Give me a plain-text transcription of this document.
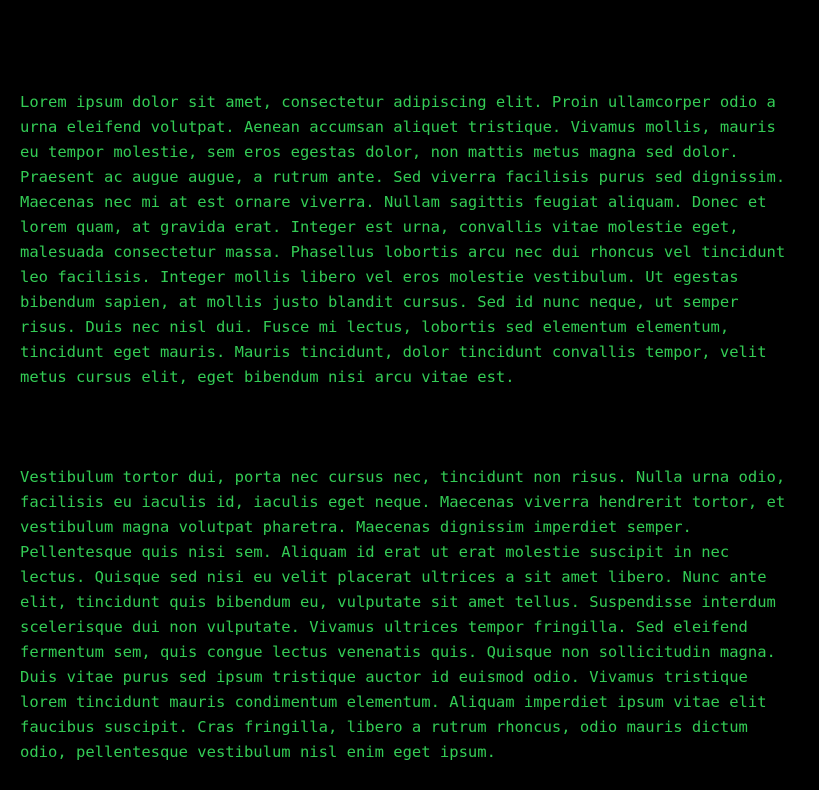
Lorem ipsum dolor sit amet, consectetur adipiscing elit. Proin ullamcorper odio a urna eleifend volutpat. Aenean accumsan aliquet tristique. Vivamus mollis, mauris eu tempor molestie, sem eros egestas dolor, non mattis metus magna sed dolor. Praesent ac augue augue, a rutrum ante. Sed viverra facilisis purus sed dignissim. Maecenas nec mi at est ornare viverra. Nullam sagittis feugiat aliquam. Donec et lorem quam, at gravida erat. Integer est urna, convallis vitae molestie eget, malesuada consectetur massa. Phasellus lobortis arcu nec dui rhoncus vel tincidunt leo facilisis. Integer mollis libero vel eros molestie vestibulum. Ut egestas bibendum sapien, at mollis justo blandit cursus. Sed id nunc neque, ut semper risus. Duis nec nisl dui. Fusce mi lectus, lobortis sed elementum elementum, tincidunt eget mauris. Mauris tincidunt, dolor tincidunt convallis tempor, velit metus cursus elit, eget bibendum nisi arcu vitae est.

Vestibulum tortor dui, porta nec cursus nec, tincidunt non risus. Nulla urna odio, facilisis eu iaculis id, iaculis eget neque. Maecenas viverra hendrerit tortor, et vestibulum magna volutpat pharetra. Maecenas dignissim imperdiet semper. Pellentesque quis nisi sem. Aliquam id erat ut erat molestie suscipit in nec lectus. Quisque sed nisi eu velit placerat ultrices a sit amet libero. Nunc ante elit, tincidunt quis bibendum eu, vulputate sit amet tellus. Suspendisse interdum scelerisque dui non vulputate. Vivamus ultrices tempor fringilla. Sed eleifend fermentum sem, quis congue lectus venenatis quis. Quisque non sollicitudin magna. Duis vitae purus sed ipsum tristique auctor id euismod odio. Vivamus tristique lorem tincidunt mauris condimentum elementum. Aliquam imperdiet ipsum vitae elit faucibus suscipit. Cras fringilla, libero a rutrum rhoncus, odio mauris dictum odio, pellentesque vestibulum nisl enim eget ipsum.
